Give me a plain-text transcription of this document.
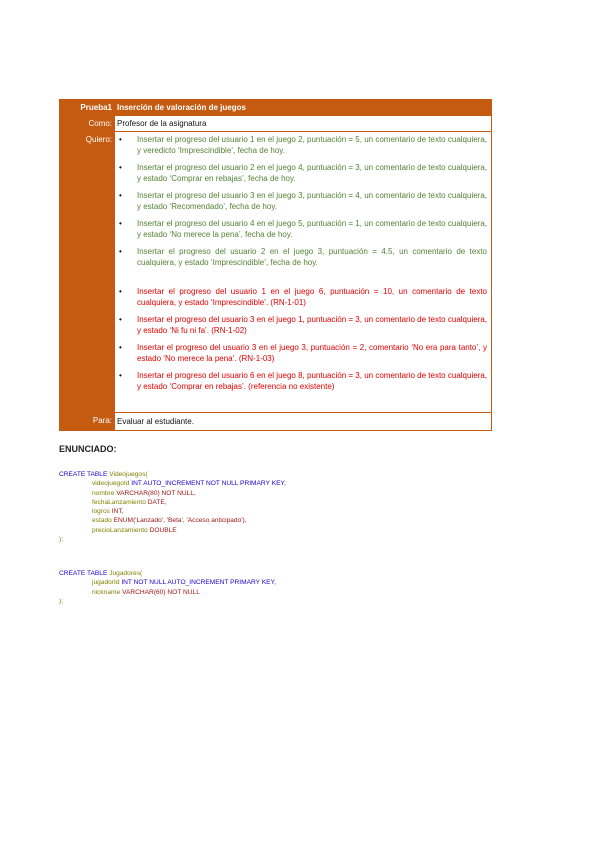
Prueba1 Inserción de valoración de juegos
Como: Profesor de la asignatura
Quiero: • Insertar el progreso del usuario 1 en el juego 2, puntuación = 5, un comentario de texto cualquiera, y veredicto ‘Imprescindible’, fecha de hoy.
• Insertar el progreso del usuario 2 en el juego 4, puntuación = 3, un comentario de texto cualquiera, y estado ‘Comprar en rebajas’, fecha de hoy.
• Insertar el progreso del usuario 3 en el juego 3, puntuación = 4, un comentario de texto cualquiera, y estado ‘Recomendado’, fecha de hoy.
• Insertar el progreso del usuario 4 en el juego 5, puntuación = 1, un comentario de texto cualquiera, y estado ‘No merece la pena’, fecha de hoy.
• Insertar el progreso del usuario 2 en el juego 3, puntuación = 4.5, un comentario de texto cualquiera, y estado ‘Imprescindible’, fecha de hoy.
• Insertar el progreso del usuario 1 en el juego 6, puntuación = 10, un comentario de texto cualquiera, y estado ‘Imprescindible’. (RN-1-01)
• Insertar el progreso del usuario 3 en el juego 1, puntuación = 3, un comentario de texto cualquiera, y estado ‘Ni fu ni fa’. (RN-1-02)
• Insertar el progreso del usuario 3 en el juego 3, puntuación = 2, comentario ‘No era para tanto’, y estado ‘No merece la pena’. (RN-1-03)
• Insertar el progreso del usuario 6 en el juego 8, puntuación = 3, un comentario de texto cualquiera, y estado ‘Comprar en rebajas’. (referencia no existente)
Para: Evaluar al estudiante.
ENUNCIADO:
CREATE TABLE Videojuegos(
videojuegoId INT AUTO_INCREMENT NOT NULL PRIMARY KEY,
nombre VARCHAR(80) NOT NULL,
fechaLanzamiento DATE,
logros INT,
estado ENUM('Lanzado', 'Beta', 'Acceso anticipado'),
precioLanzamiento DOUBLE
);
CREATE TABLE Jugadores(
jugadorId INT NOT NULL AUTO_INCREMENT PRIMARY KEY,
nickname VARCHAR(60) NOT NULL
);
